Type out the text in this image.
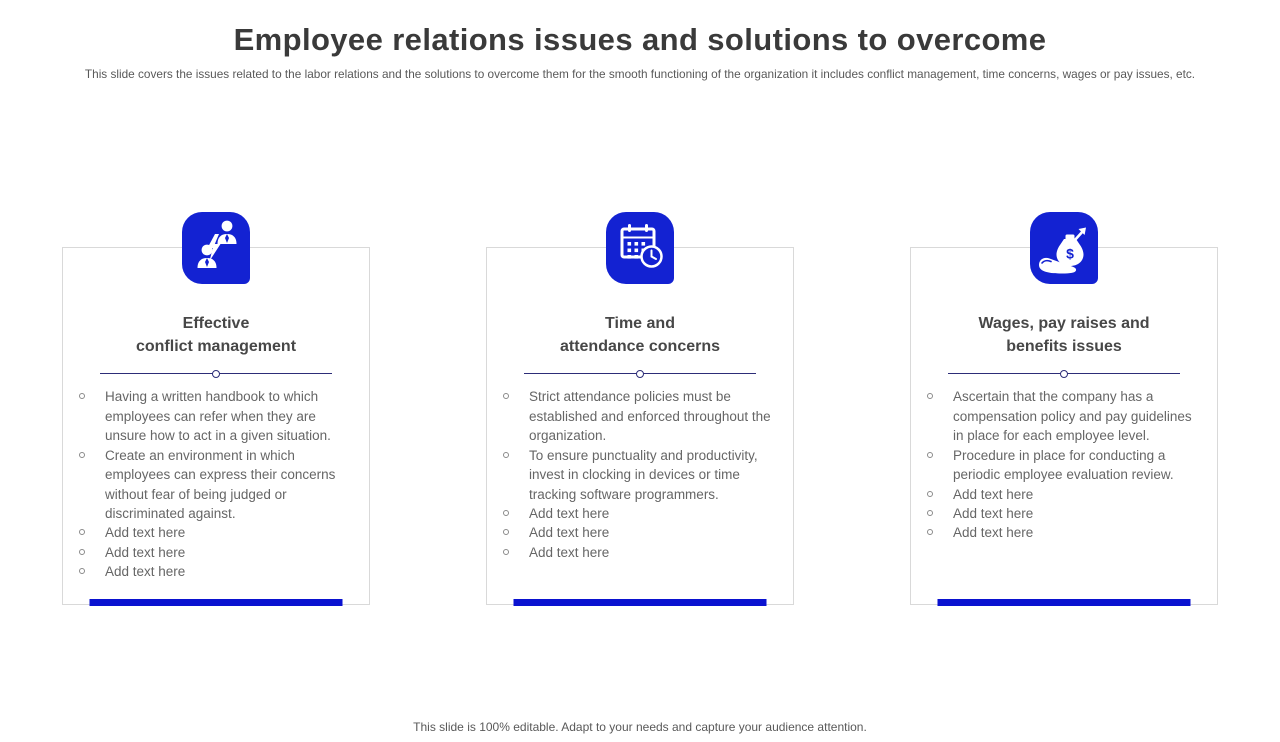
Employee relations issues and solutions to overcome

This slide covers the issues related to the labor relations and the solutions to overcome them for the smooth functioning of the organization it includes conflict management, time concerns, wages or pay issues, etc.

Effective
conflict management
Having a written handbook to which employees can refer when they are unsure how to act in a given situation.
Create an environment in which employees can express their concerns without fear of being judged or discriminated against.
Add text here
Add text here
Add text here
Time and
attendance concerns
Strict attendance policies must be established and enforced throughout the organization.
To ensure punctuality and productivity, invest in clocking in devices or time tracking software programmers.
Add text here
Add text here
Add text here
$
Wages, pay raises and
benefits issues
Ascertain that the company has a compensation policy and pay guidelines in place for each employee level.
Procedure in place for conducting a periodic employee evaluation review.
Add text here
Add text here
Add text here
This slide is 100% editable. Adapt to your needs and capture your audience attention.
